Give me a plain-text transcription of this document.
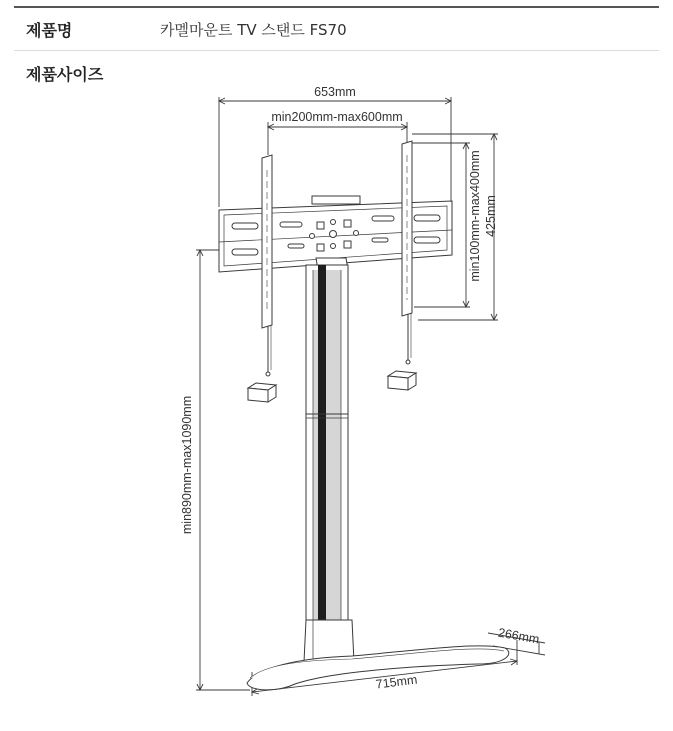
제품명	카멜마운트 TV 스탠드 FS70
제품사이즈
653mm
min200mm-max600mm
min100mm-max400mm 425mm
min890mm-max1090mm
715mm
266mm
